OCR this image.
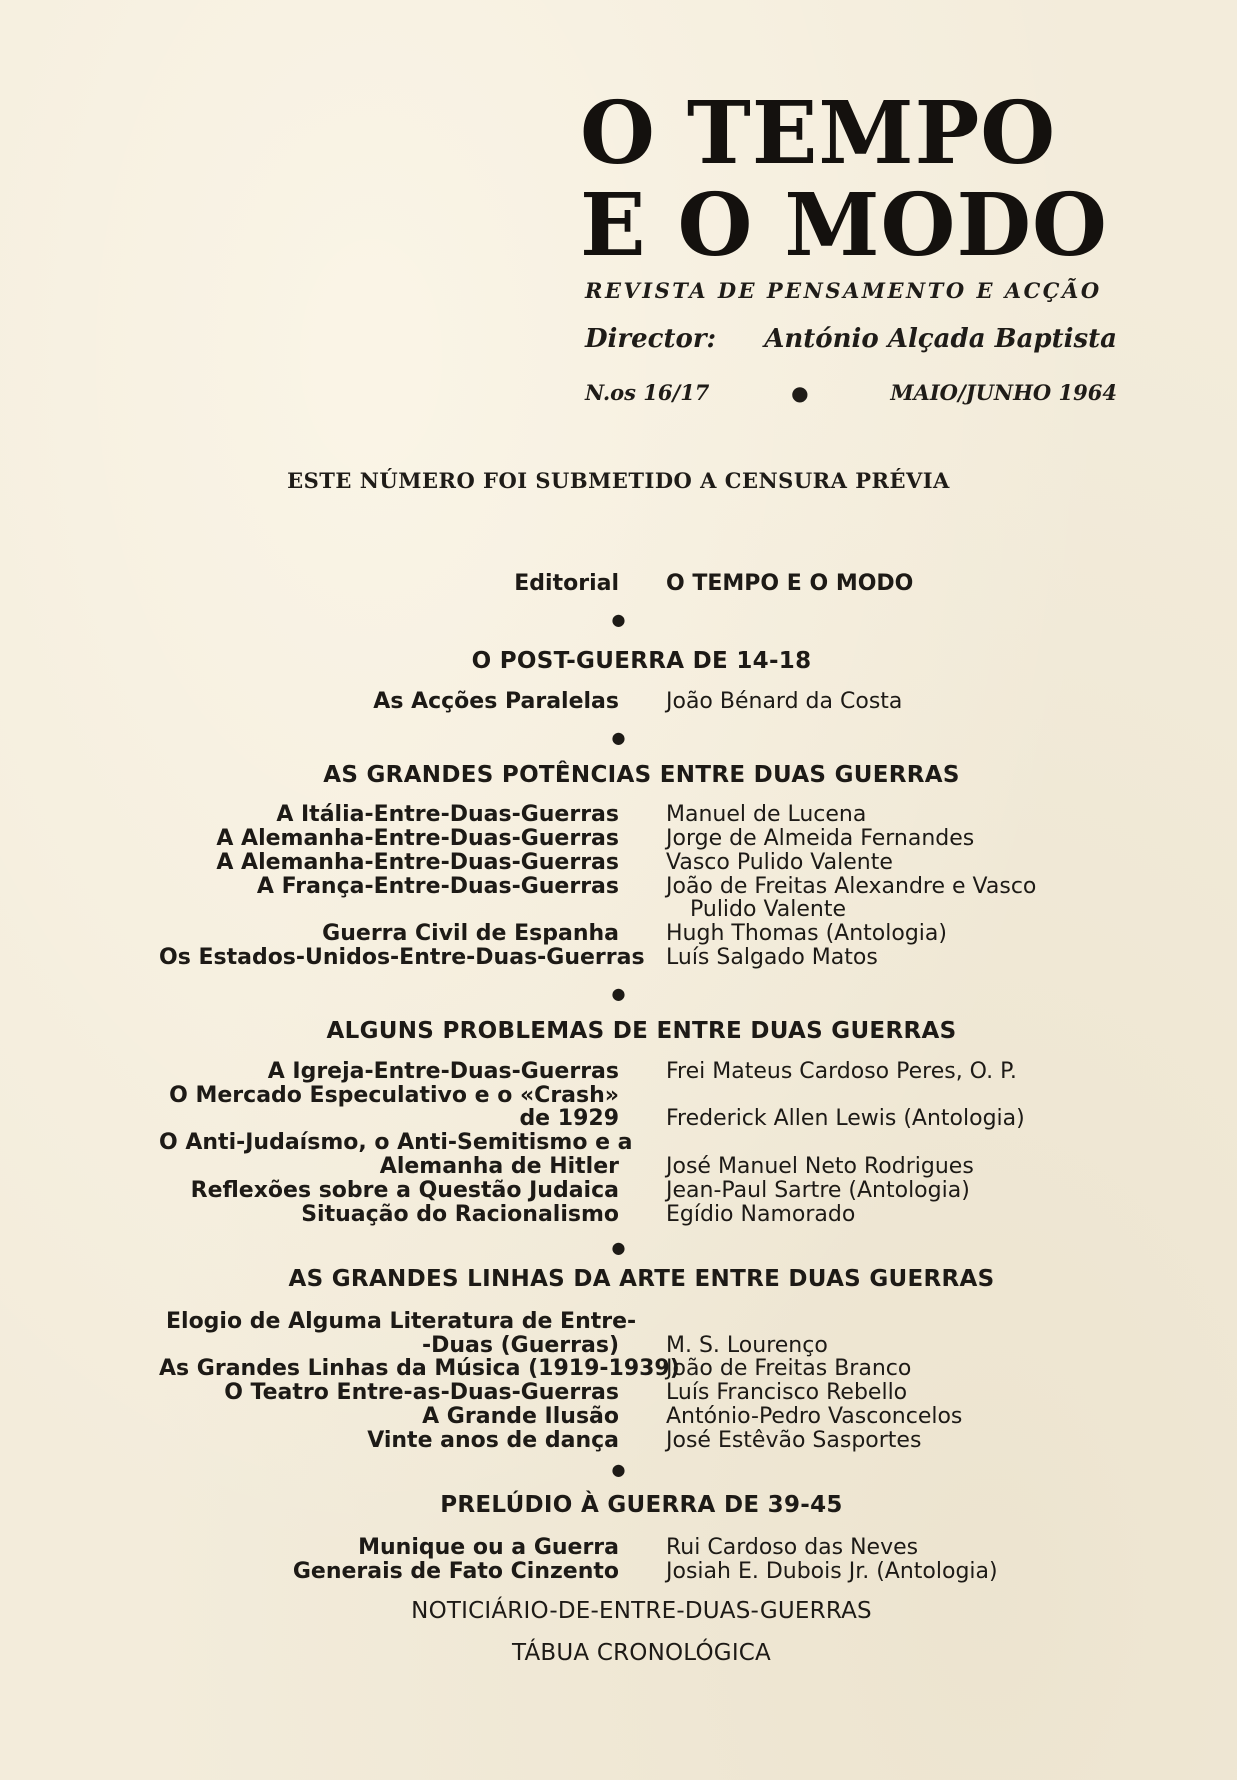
O TEMPO
E O MODO
REVISTA DE PENSAMENTO E ACÇÃO
Director: António Alçada Baptista
N.os 16/17	●	MAIO/JUNHO 1964
ESTE NÚMERO FOI SUBMETIDO A CENSURA PRÉVIA
Editorial O TEMPO E O MODO
●
O POST-GUERRA DE 14-18
As Acções Paralelas João Bénard da Costa
●
AS GRANDES POTÊNCIAS ENTRE DUAS GUERRAS
A Itália-Entre-Duas-Guerras Manuel de Lucena
A Alemanha-Entre-Duas-Guerras Jorge de Almeida Fernandes
A Alemanha-Entre-Duas-Guerras Vasco Pulido Valente
A França-Entre-Duas-Guerras João de Freitas Alexandre e Vasco
Pulido Valente
Guerra Civil de Espanha Hugh Thomas (Antologia)
Os Estados-Unidos-Entre-Duas-Guerras Luís Salgado Matos
●
ALGUNS PROBLEMAS DE ENTRE DUAS GUERRAS
A Igreja-Entre-Duas-Guerras Frei Mateus Cardoso Peres, O. P.
O Mercado Especulativo e o «Crash»
de 1929 Frederick Allen Lewis (Antologia)
O Anti-Judaísmo, o Anti-Semitismo e a
Alemanha de Hitler José Manuel Neto Rodrigues
Reflexões sobre a Questão Judaica Jean-Paul Sartre (Antologia)
Situação do Racionalismo Egídio Namorado
●
AS GRANDES LINHAS DA ARTE ENTRE DUAS GUERRAS
Elogio de Alguma Literatura de Entre-
-Duas (Guerras) M. S. Lourenço
As Grandes Linhas da Música (1919-1939)
João de Freitas Branco
O Teatro Entre-as-Duas-Guerras Luís Francisco Rebello
A Grande Ilusão António-Pedro Vasconcelos
Vinte anos de dança José Estêvão Sasportes
●
PRELÚDIO À GUERRA DE 39-45
Munique ou a Guerra Rui Cardoso das Neves
Generais de Fato Cinzento Josiah E. Dubois Jr. (Antologia)
NOTICIÁRIO-DE-ENTRE-DUAS-GUERRAS
TÁBUA CRONOLÓGICA
